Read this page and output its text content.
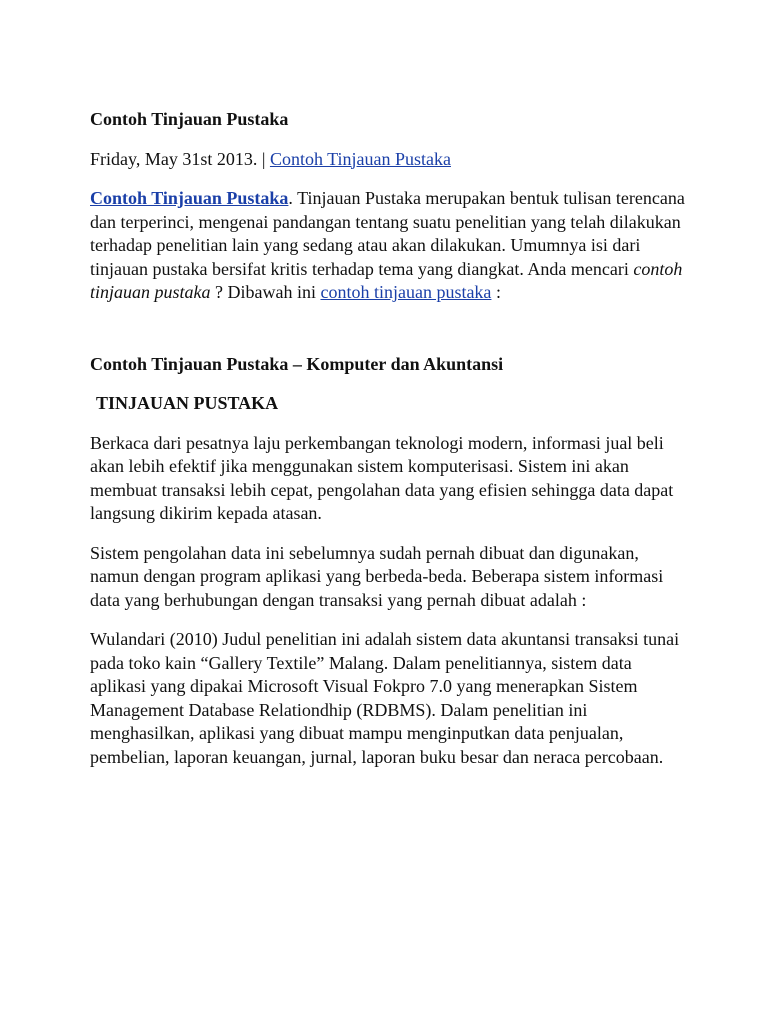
Contoh Tinjauan Pustaka
Friday, May 31st 2013. | Contoh Tinjauan Pustaka
Contoh Tinjauan Pustaka. Tinjauan Pustaka merupakan bentuk tulisan terencana dan terperinci, mengenai pandangan tentang suatu penelitian yang telah dilakukan terhadap penelitian lain yang sedang atau akan dilakukan. Umumnya isi dari tinjauan pustaka bersifat kritis terhadap tema yang diangkat. Anda mencari contoh tinjauan pustaka ? Dibawah ini contoh tinjauan pustaka :
Contoh Tinjauan Pustaka – Komputer dan Akuntansi
TINJAUAN PUSTAKA
Berkaca dari pesatnya laju perkembangan teknologi modern, informasi jual beli akan lebih efektif jika menggunakan sistem komputerisasi. Sistem ini akan membuat transaksi lebih cepat, pengolahan data yang efisien sehingga data dapat langsung dikirim kepada atasan.
Sistem pengolahan data ini sebelumnya sudah pernah dibuat dan digunakan, namun dengan program aplikasi yang berbeda-beda. Beberapa sistem informasi data yang berhubungan dengan transaksi yang pernah dibuat adalah :
Wulandari (2010) Judul penelitian ini adalah sistem data akuntansi transaksi tunai pada toko kain “Gallery Textile” Malang. Dalam penelitiannya, sistem data aplikasi yang dipakai Microsoft Visual Fokpro 7.0 yang menerapkan Sistem Management Database Relationdhip (RDBMS). Dalam penelitian ini menghasilkan, aplikasi yang dibuat mampu menginputkan data penjualan, pembelian, laporan keuangan, jurnal, laporan buku besar dan neraca percobaan.
